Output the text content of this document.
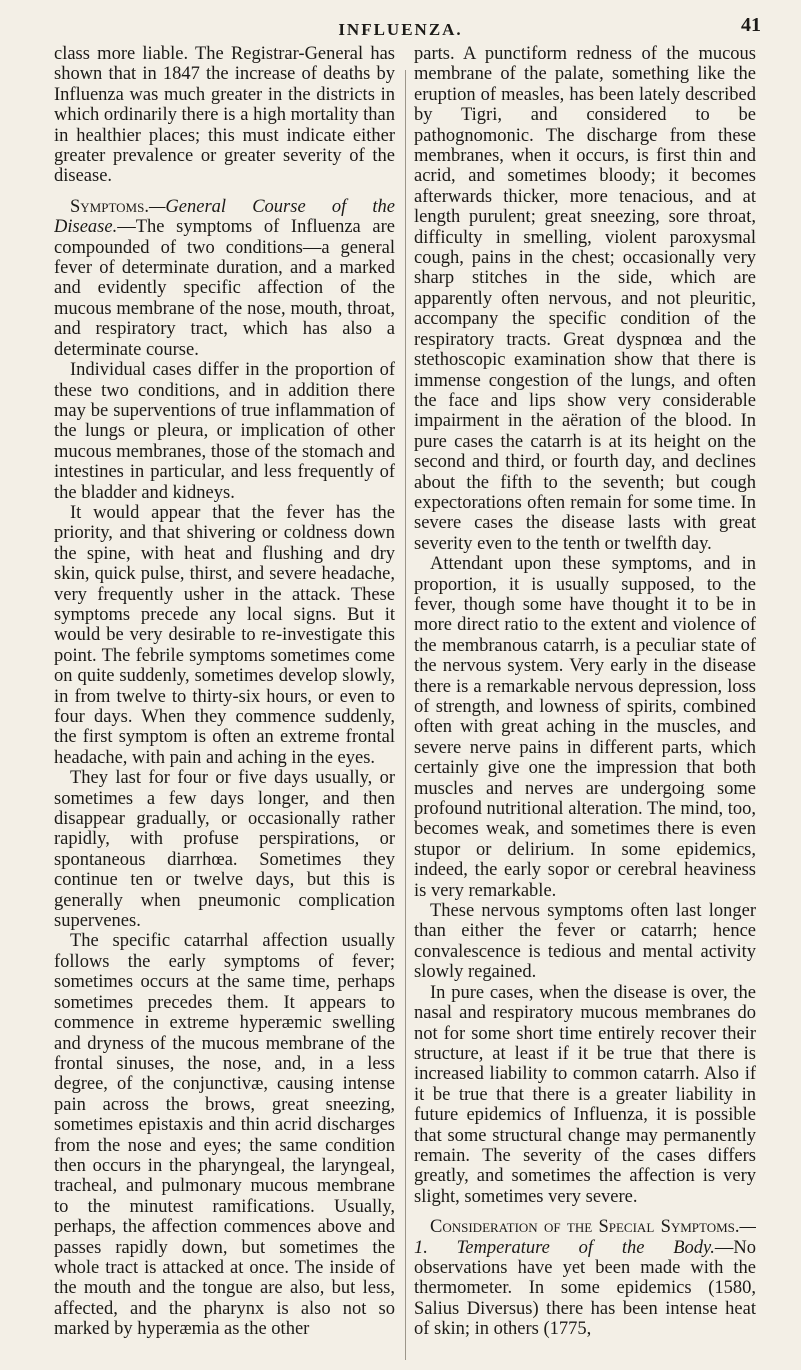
INFLUENZA.	41

class more liable. The Registrar-General has shown that in 1847 the increase of deaths by Influenza was much greater in the districts in which ordinarily there is a high mortality than in healthier places; this must indicate either greater prevalence or greater severity of the disease.

Symptoms.—General Course of the Disease.—The symptoms of Influenza are compounded of two conditions—a general fever of determinate duration, and a marked and evidently specific affection of the mucous membrane of the nose, mouth, throat, and respiratory tract, which has also a determinate course.

Individual cases differ in the proportion of these two conditions, and in addition there may be superventions of true inflammation of the lungs or pleura, or implication of other mucous membranes, those of the stomach and intestines in particular, and less frequently of the bladder and kidneys.

It would appear that the fever has the priority, and that shivering or coldness down the spine, with heat and flushing and dry skin, quick pulse, thirst, and severe headache, very frequently usher in the attack. These symptoms precede any local signs. But it would be very desirable to re-investigate this point. The febrile symptoms sometimes come on quite suddenly, sometimes develop slowly, in from twelve to thirty-six hours, or even to four days. When they commence suddenly, the first symptom is often an extreme frontal headache, with pain and aching in the eyes.

They last for four or five days usually, or sometimes a few days longer, and then disappear gradually, or occasionally rather rapidly, with profuse perspirations, or spontaneous diarrhœa. Sometimes they continue ten or twelve days, but this is generally when pneumonic complication supervenes.

The specific catarrhal affection usually follows the early symptoms of fever; sometimes occurs at the same time, perhaps sometimes precedes them. It appears to commence in extreme hyperæmic swelling and dryness of the mucous membrane of the frontal sinuses, the nose, and, in a less degree, of the conjunctivæ, causing intense pain across the brows, great sneezing, sometimes epistaxis and thin acrid discharges from the nose and eyes; the same condition then occurs in the pharyngeal, the laryngeal, tracheal, and pulmonary mucous membrane to the minutest ramifications. Usually, perhaps, the affection commences above and passes rapidly down, but sometimes the whole tract is attacked at once. The inside of the mouth and the tongue are also, but less, affected, and the pharynx is also not so marked by hyperæmia as the other

parts. A punctiform redness of the mucous membrane of the palate, something like the eruption of measles, has been lately described by Tigri, and considered to be pathognomonic. The discharge from these membranes, when it occurs, is first thin and acrid, and sometimes bloody; it becomes afterwards thicker, more tenacious, and at length purulent; great sneezing, sore throat, difficulty in smelling, violent paroxysmal cough, pains in the chest; occasionally very sharp stitches in the side, which are apparently often nervous, and not pleuritic, accompany the specific condition of the respiratory tracts. Great dyspnœa and the stethoscopic examination show that there is immense congestion of the lungs, and often the face and lips show very considerable impairment in the aëration of the blood. In pure cases the catarrh is at its height on the second and third, or fourth day, and declines about the fifth to the seventh; but cough expectorations often remain for some time. In severe cases the disease lasts with great severity even to the tenth or twelfth day.

Attendant upon these symptoms, and in proportion, it is usually supposed, to the fever, though some have thought it to be in more direct ratio to the extent and violence of the membranous catarrh, is a peculiar state of the nervous system. Very early in the disease there is a remarkable nervous depression, loss of strength, and lowness of spirits, combined often with great aching in the muscles, and severe nerve pains in different parts, which certainly give one the impression that both muscles and nerves are undergoing some profound nutritional alteration. The mind, too, becomes weak, and sometimes there is even stupor or delirium. In some epidemics, indeed, the early sopor or cerebral heaviness is very remarkable.

These nervous symptoms often last longer than either the fever or catarrh; hence convalescence is tedious and mental activity slowly regained.

In pure cases, when the disease is over, the nasal and respiratory mucous membranes do not for some short time entirely recover their structure, at least if it be true that there is increased liability to common catarrh. Also if it be true that there is a greater liability in future epidemics of Influenza, it is possible that some structural change may permanently remain. The severity of the cases differs greatly, and sometimes the affection is very slight, sometimes very severe.

Consideration of the Special Symptoms.—1. Temperature of the Body.—No observations have yet been made with the thermometer. In some epidemics (1580, Salius Diversus) there has been intense heat of skin; in others (1775,
